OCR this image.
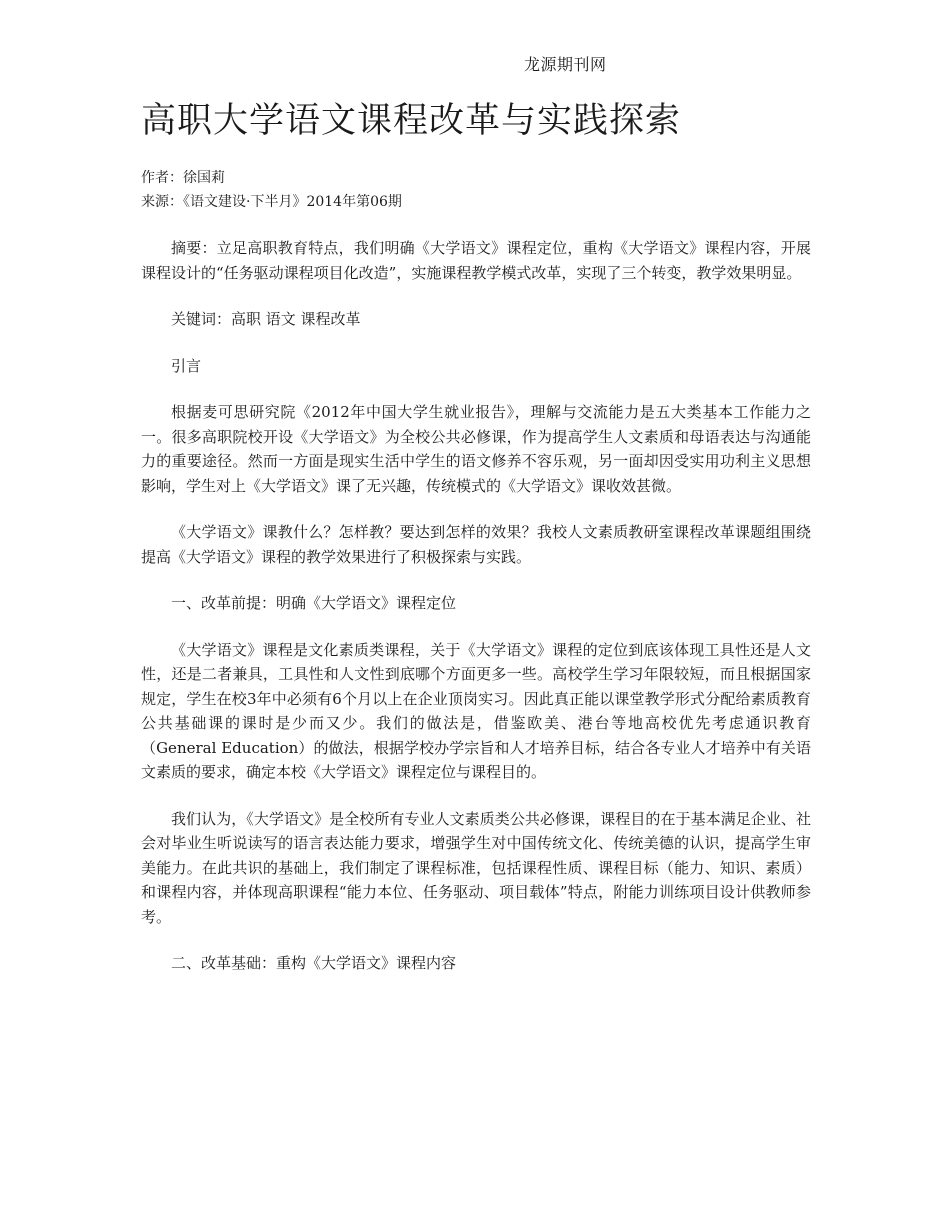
龙源期刊网
高职大学语文课程改革与实践探索
作者：徐国莉
来源：《语文建设·下半月》2014年第06期

摘要：立足高职教育特点，我们明确《大学语文》课程定位，重构《大学语文》课程内容，开展课程设计的“任务驱动课程项目化改造”，实施课程教学模式改革，实现了三个转变，教学效果明显。

关键词：高职 语文 课程改革

引言

根据麦可思研究院《2012年中国大学生就业报告》，理解与交流能力是五大类基本工作能力之一。很多高职院校开设《大学语文》为全校公共必修课，作为提高学生人文素质和母语表达与沟通能力的重要途径。然而一方面是现实生活中学生的语文修养不容乐观，另一面却因受实用功利主义思想影响，学生对上《大学语文》课了无兴趣，传统模式的《大学语文》课收效甚微。

《大学语文》课教什么？怎样教？要达到怎样的效果？我校人文素质教研室课程改革课题组围绕提高《大学语文》课程的教学效果进行了积极探索与实践。

一、改革前提：明确《大学语文》课程定位

《大学语文》课程是文化素质类课程，关于《大学语文》课程的定位到底该体现工具性还是人文性，还是二者兼具，工具性和人文性到底哪个方面更多一些。高校学生学习年限较短，而且根据国家规定，学生在校3年中必须有6个月以上在企业顶岗实习。因此真正能以课堂教学形式分配给素质教育公共基础课的课时是少而又少。我们的做法是，借鉴欧美、港台等地高校优先考虑通识教育（General Education）的做法，根据学校办学宗旨和人才培养目标，结合各专业人才培养中有关语文素质的要求，确定本校《大学语文》课程定位与课程目的。

我们认为，《大学语文》是全校所有专业人文素质类公共必修课，课程目的在于基本满足企业、社会对毕业生听说读写的语言表达能力要求，增强学生对中国传统文化、传统美德的认识，提高学生审美能力。在此共识的基础上，我们制定了课程标准，包括课程性质、课程目标（能力、知识、素质）和课程内容，并体现高职课程“能力本位、任务驱动、项目载体”特点，附能力训练项目设计供教师参考。

二、改革基础：重构《大学语文》课程内容
